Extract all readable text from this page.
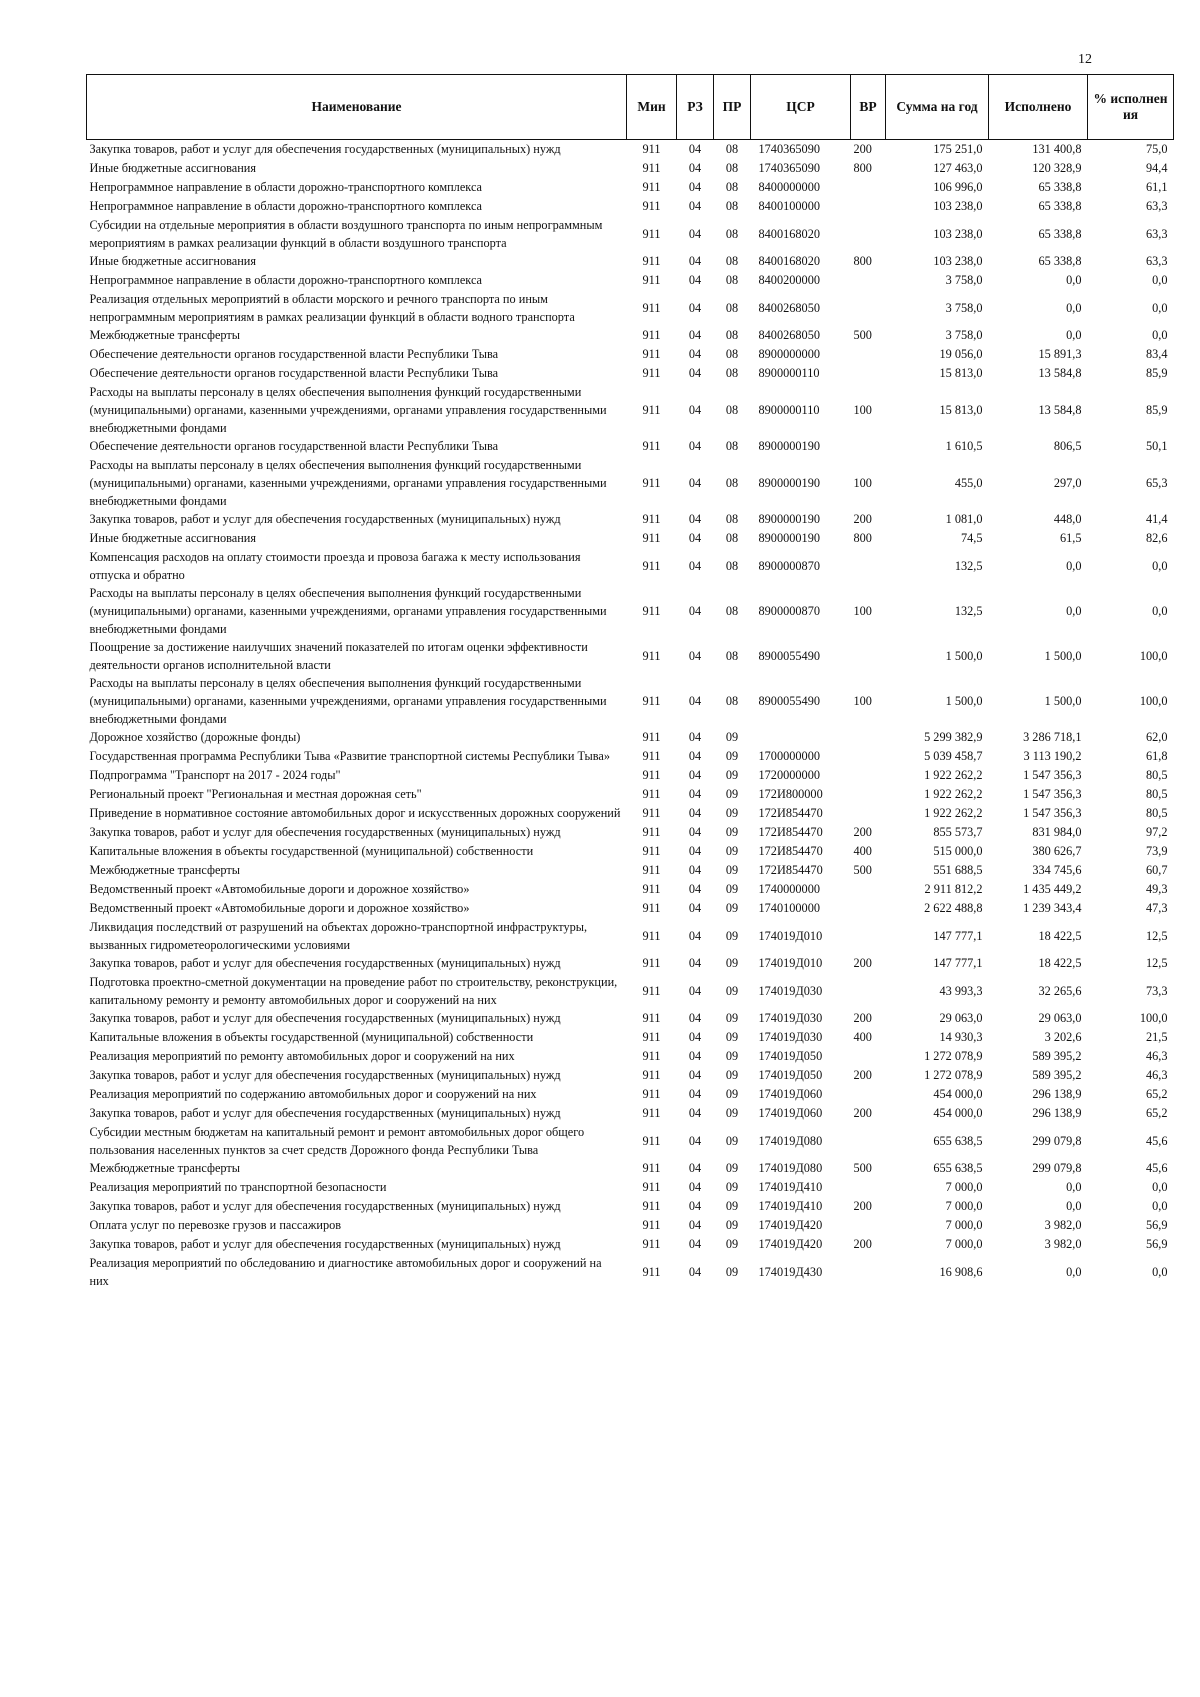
12
Наименование	Мин	РЗ	ПР	ЦСР	ВР	Сумма на год	Исполнено	% исполнения
Закупка товаров, работ и услуг для обеспечения государственных (муниципальных) нужд	911	04	08	1740365090	200	175 251,0	131 400,8	75,0
Иные бюджетные ассигнования	911	04	08	1740365090	800	127 463,0	120 328,9	94,4
Непрограммное направление в области дорожно-транспортного комплекса	911	04	08	8400000000		106 996,0	65 338,8	61,1
Непрограммное направление в области дорожно-транспортного комплекса	911	04	08	8400100000		103 238,0	65 338,8	63,3
Субсидии на отдельные мероприятия в области воздушного транспорта по иным непрограммным мероприятиям в рамках реализации функций в области воздушного транспорта	911	04	08	8400168020		103 238,0	65 338,8	63,3
Иные бюджетные ассигнования	911	04	08	8400168020	800	103 238,0	65 338,8	63,3
Непрограммное направление в области дорожно-транспортного комплекса	911	04	08	8400200000		3 758,0	0,0	0,0
Реализация отдельных мероприятий в области морского и речного транспорта по иным непрограммным мероприятиям в рамках реализации функций в области водного транспорта	911	04	08	8400268050		3 758,0	0,0	0,0
Межбюджетные трансферты	911	04	08	8400268050	500	3 758,0	0,0	0,0
Обеспечение деятельности органов государственной власти Республики Тыва	911	04	08	8900000000		19 056,0	15 891,3	83,4
Обеспечение деятельности органов государственной власти Республики Тыва	911	04	08	8900000110		15 813,0	13 584,8	85,9
Расходы на выплаты персоналу в целях обеспечения выполнения функций государственными (муниципальными) органами, казенными учреждениями, органами управления государственными внебюджетными фондами	911	04	08	8900000110	100	15 813,0	13 584,8	85,9
Обеспечение деятельности органов государственной власти Республики Тыва	911	04	08	8900000190		1 610,5	806,5	50,1
Расходы на выплаты персоналу в целях обеспечения выполнения функций государственными (муниципальными) органами, казенными учреждениями, органами управления государственными внебюджетными фондами	911	04	08	8900000190	100	455,0	297,0	65,3
Закупка товаров, работ и услуг для обеспечения государственных (муниципальных) нужд	911	04	08	8900000190	200	1 081,0	448,0	41,4
Иные бюджетные ассигнования	911	04	08	8900000190	800	74,5	61,5	82,6
Компенсация расходов на оплату стоимости проезда и провоза багажа к месту использования отпуска и обратно	911	04	08	8900000870		132,5	0,0	0,0
Расходы на выплаты персоналу в целях обеспечения выполнения функций государственными (муниципальными) органами, казенными учреждениями, органами управления государственными внебюджетными фондами	911	04	08	8900000870	100	132,5	0,0	0,0
Поощрение за достижение наилучших значений показателей по итогам оценки эффективности деятельности органов исполнительной власти	911	04	08	8900055490		1 500,0	1 500,0	100,0
Расходы на выплаты персоналу в целях обеспечения выполнения функций государственными (муниципальными) органами, казенными учреждениями, органами управления государственными внебюджетными фондами	911	04	08	8900055490	100	1 500,0	1 500,0	100,0
Дорожное хозяйство (дорожные фонды)	911	04	09			5 299 382,9	3 286 718,1	62,0
Государственная программа Республики Тыва «Развитие транспортной системы Республики Тыва»	911	04	09	1700000000		5 039 458,7	3 113 190,2	61,8
Подпрограмма "Транспорт на 2017 - 2024 годы"	911	04	09	1720000000		1 922 262,2	1 547 356,3	80,5
Региональный проект "Региональная и местная дорожная сеть"	911	04	09	172И800000		1 922 262,2	1 547 356,3	80,5
Приведение в нормативное состояние автомобильных дорог и искусственных дорожных сооружений	911	04	09	172И854470		1 922 262,2	1 547 356,3	80,5
Закупка товаров, работ и услуг для обеспечения государственных (муниципальных) нужд	911	04	09	172И854470	200	855 573,7	831 984,0	97,2
Капитальные вложения в объекты государственной (муниципальной) собственности	911	04	09	172И854470	400	515 000,0	380 626,7	73,9
Межбюджетные трансферты	911	04	09	172И854470	500	551 688,5	334 745,6	60,7
Ведомственный проект «Автомобильные дороги и дорожное хозяйство»	911	04	09	1740000000		2 911 812,2	1 435 449,2	49,3
Ведомственный проект «Автомобильные дороги и дорожное хозяйство»	911	04	09	1740100000		2 622 488,8	1 239 343,4	47,3
Ликвидация последствий от разрушений на объектах дорожно-транспортной инфраструктуры, вызванных гидрометеорологическими условиями	911	04	09	174019Д010		147 777,1	18 422,5	12,5
Закупка товаров, работ и услуг для обеспечения государственных (муниципальных) нужд	911	04	09	174019Д010	200	147 777,1	18 422,5	12,5
Подготовка проектно-сметной документации на проведение работ по строительству, реконструкции, капитальному ремонту и ремонту автомобильных дорог и сооружений на них	911	04	09	174019Д030		43 993,3	32 265,6	73,3
Закупка товаров, работ и услуг для обеспечения государственных (муниципальных) нужд	911	04	09	174019Д030	200	29 063,0	29 063,0	100,0
Капитальные вложения в объекты государственной (муниципальной) собственности	911	04	09	174019Д030	400	14 930,3	3 202,6	21,5
Реализация мероприятий по ремонту автомобильных дорог и сооружений на них	911	04	09	174019Д050		1 272 078,9	589 395,2	46,3
Закупка товаров, работ и услуг для обеспечения государственных (муниципальных) нужд	911	04	09	174019Д050	200	1 272 078,9	589 395,2	46,3
Реализация мероприятий по содержанию автомобильных дорог и сооружений на них	911	04	09	174019Д060		454 000,0	296 138,9	65,2
Закупка товаров, работ и услуг для обеспечения государственных (муниципальных) нужд	911	04	09	174019Д060	200	454 000,0	296 138,9	65,2
Субсидии местным бюджетам на капитальный ремонт и ремонт автомобильных дорог общего пользования населенных пунктов за счет средств Дорожного фонда Республики Тыва	911	04	09	174019Д080		655 638,5	299 079,8	45,6
Межбюджетные трансферты	911	04	09	174019Д080	500	655 638,5	299 079,8	45,6
Реализация мероприятий по транспортной безопасности	911	04	09	174019Д410		7 000,0	0,0	0,0
Закупка товаров, работ и услуг для обеспечения государственных (муниципальных) нужд	911	04	09	174019Д410	200	7 000,0	0,0	0,0
Оплата услуг по перевозке грузов и пассажиров	911	04	09	174019Д420		7 000,0	3 982,0	56,9
Закупка товаров, работ и услуг для обеспечения государственных (муниципальных) нужд	911	04	09	174019Д420	200	7 000,0	3 982,0	56,9
Реализация мероприятий по обследованию и диагностике автомобильных дорог и сооружений на них	911	04	09	174019Д430		16 908,6	0,0	0,0
